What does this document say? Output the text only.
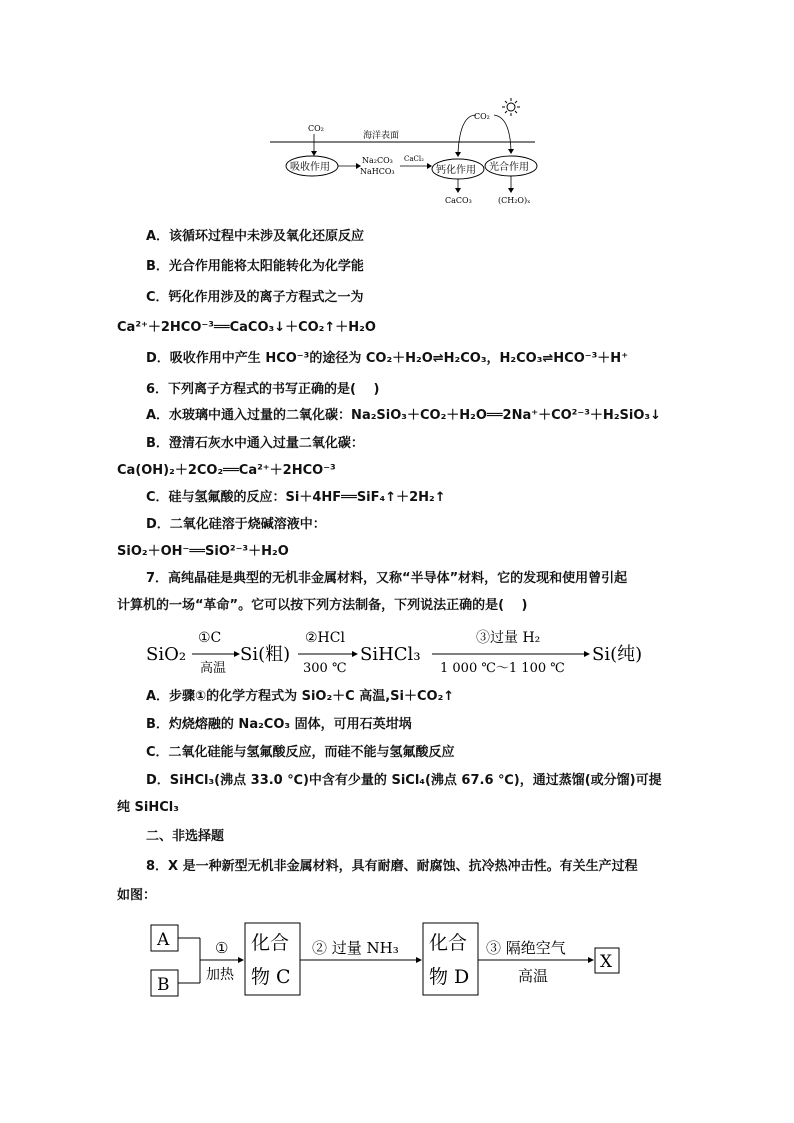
CO₂
海洋表面
吸收作用
Na₂CO₃
NaHCO₃
CaCl₂
钙化作用 光合作用
CO₂
CaCO₃	(CH₂O)ₓ
A．该循环过程中未涉及氧化还原反应
B．光合作用能将太阳能转化为化学能
C．钙化作用涉及的离子方程式之一为
Ca²⁺＋2HCO⁻³══CaCO₃↓＋CO₂↑＋H₂O
D．吸收作用中产生 HCO⁻³的途径为 CO₂＋H₂O⇌H₂CO₃，H₂CO₃⇌HCO⁻³＋H⁺
6．下列离子方程式的书写正确的是(　 )
A．水玻璃中通入过量的二氧化碳：Na₂SiO₃＋CO₂＋H₂O══2Na⁺＋CO²⁻³＋H₂SiO₃↓
B．澄清石灰水中通入过量二氧化碳：
Ca(OH)₂＋2CO₂══Ca²⁺＋2HCO⁻³
C．硅与氢氟酸的反应：Si＋4HF══SiF₄↑＋2H₂↑
D．二氧化硅溶于烧碱溶液中：
SiO₂＋OH⁻══SiO²⁻³＋H₂O
7．高纯晶硅是典型的无机非金属材料，又称“半导体”材料，它的发现和使用曾引起
计算机的一场“革命”。它可以按下列方法制备，下列说法正确的是(　 )
SiO₂
①C
高温
Si(粗)
②HCl
300 ℃
SiHCl₃
③过量 H₂
1 000 ℃～1 100 ℃
Si(纯)
A．步骤①的化学方程式为 SiO₂＋C 高温,Si＋CO₂↑
B．灼烧熔融的 Na₂CO₃ 固体，可用石英坩埚
C．二氧化硅能与氢氟酸反应，而硅不能与氢氟酸反应
D．SiHCl₃(沸点 33.0 ℃)中含有少量的 SiCl₄(沸点 67.6 ℃)，通过蒸馏(或分馏)可提
纯 SiHCl₃
二、非选择题
8．X 是一种新型无机非金属材料，具有耐磨、耐腐蚀、抗冷热冲击性。有关生产过程
如图：
A
B
①
加热
化合
物 C
② 过量 NH₃ 化合
物 D
③ 隔绝空气
高温
X
